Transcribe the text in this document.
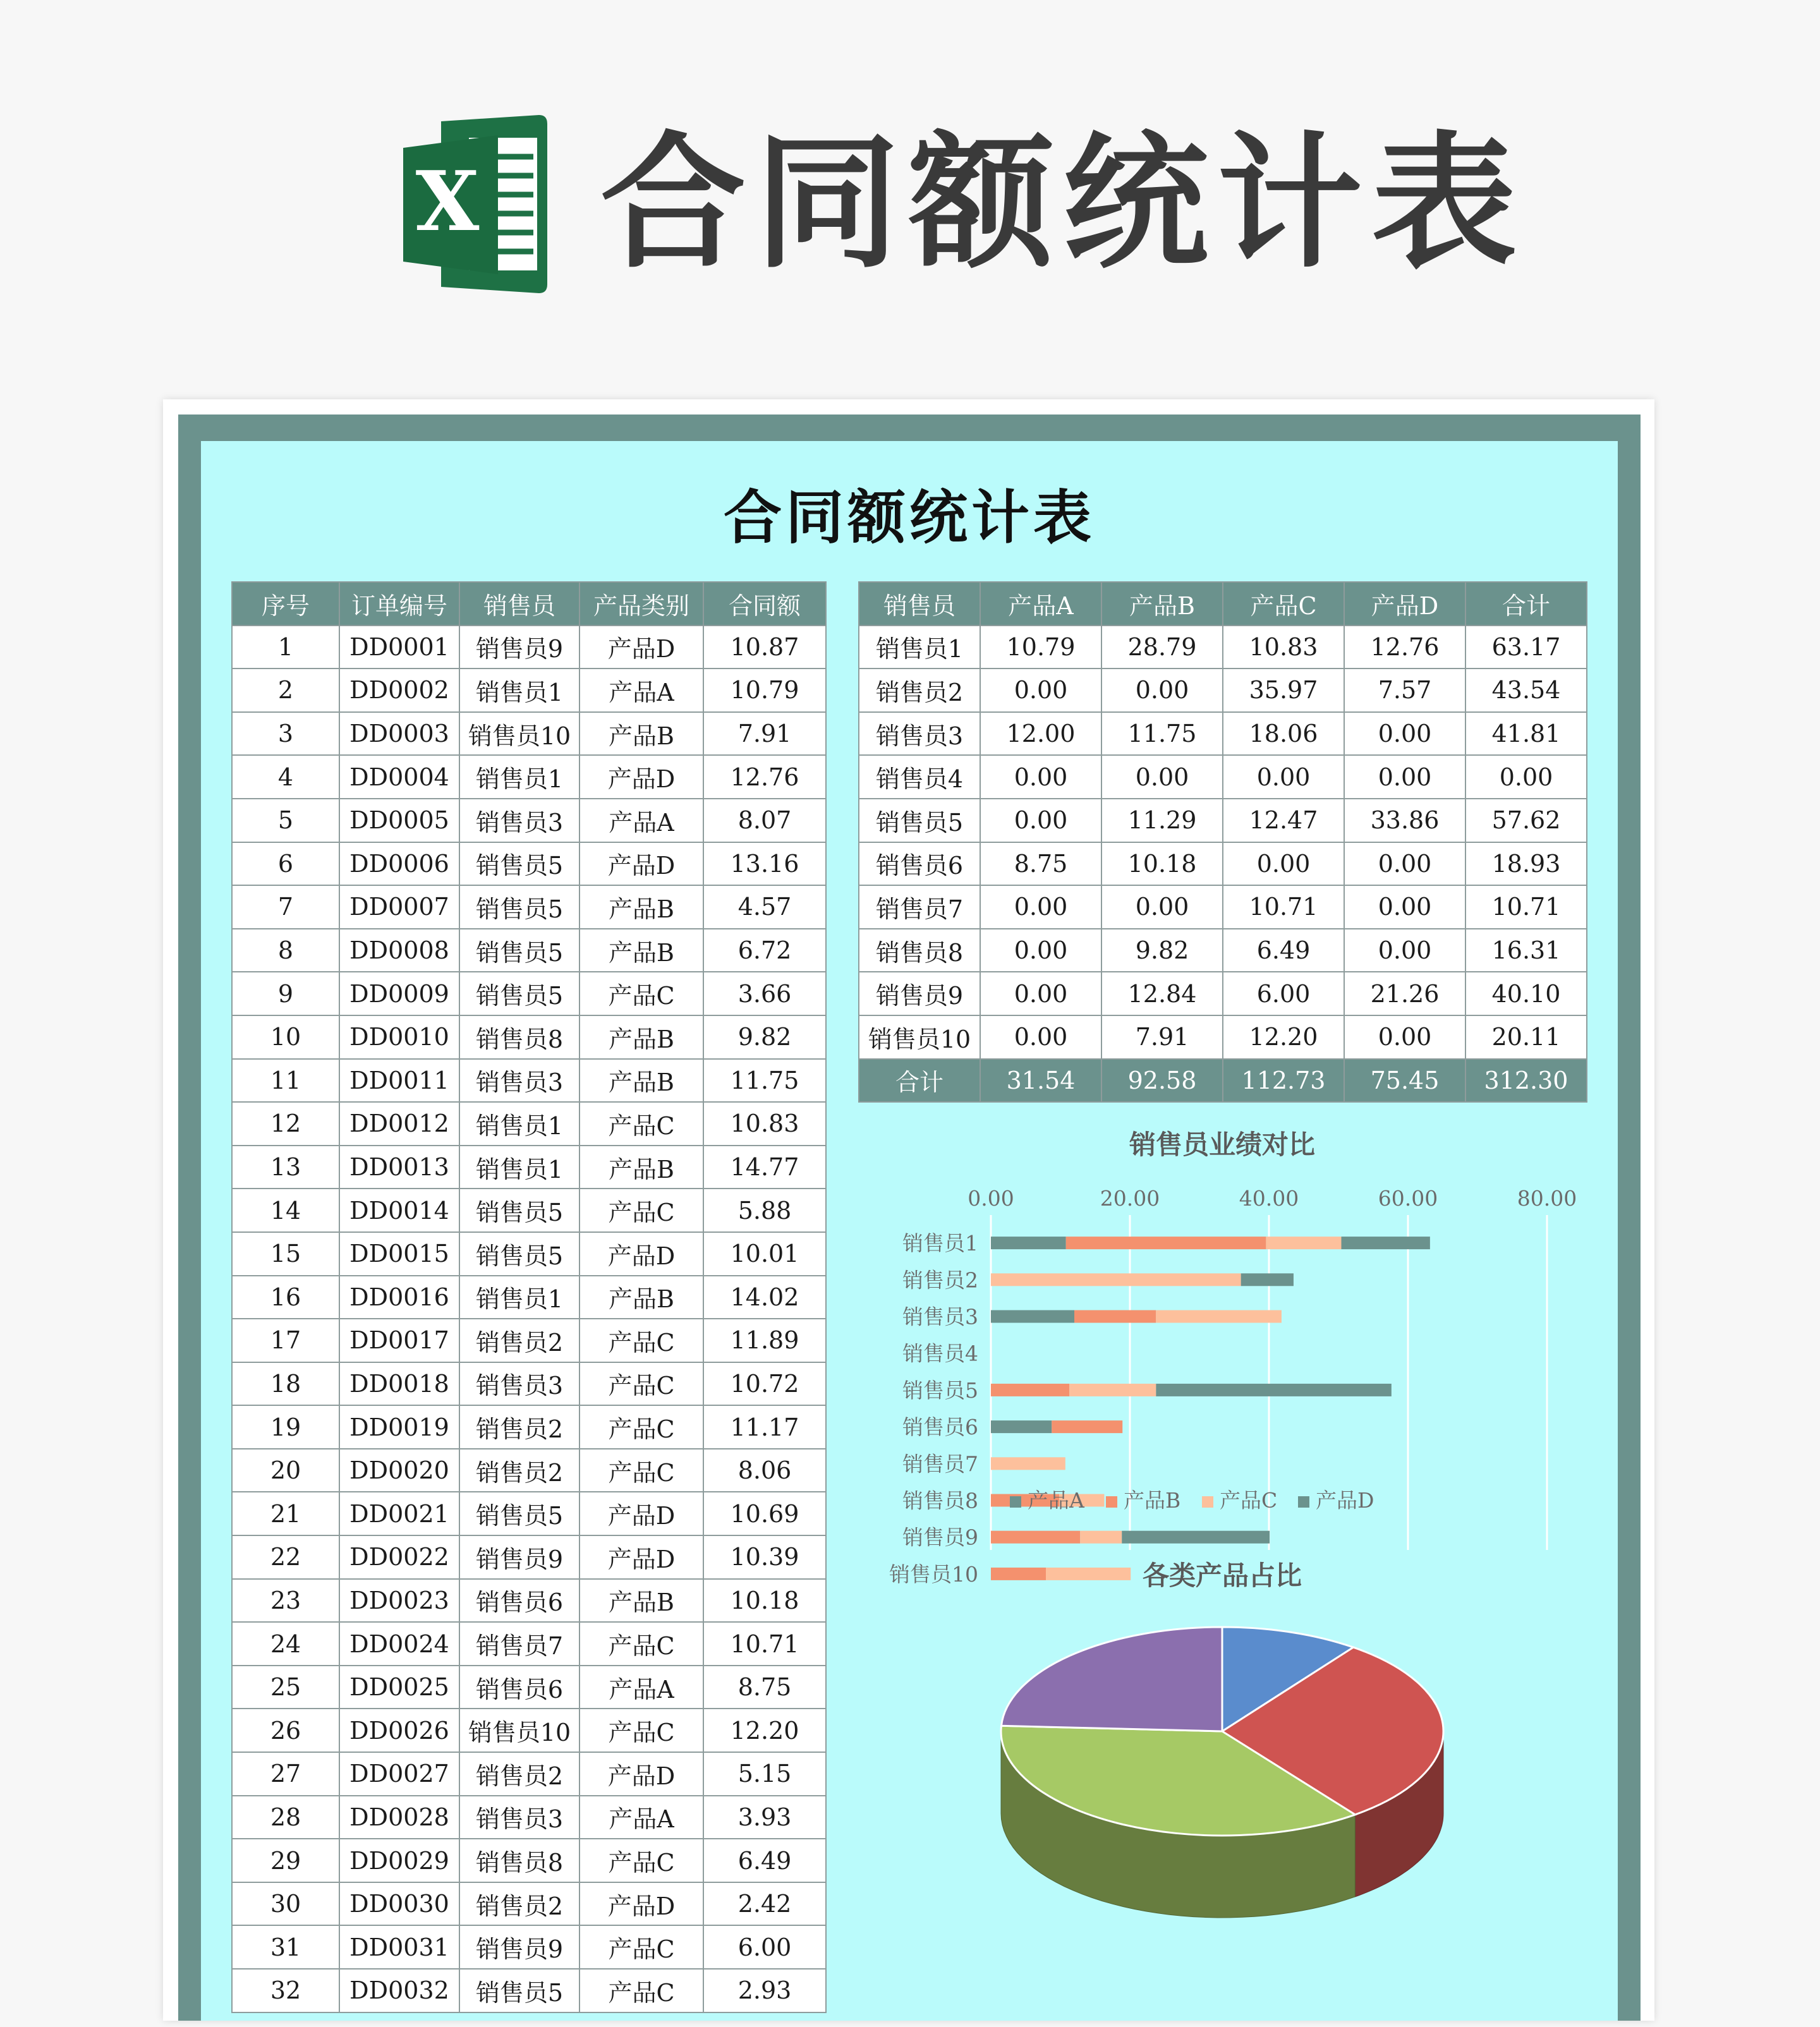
X 合同额统计表
合同额统计表
序号	订单编号	销售员	产品类别	合同额
1	DD0001	销售员9	产品D	10.87
2	DD0002	销售员1	产品A	10.79
3	DD0003	销售员10	产品B	7.91
4	DD0004	销售员1	产品D	12.76
5	DD0005	销售员3	产品A	8.07
6	DD0006	销售员5	产品D	13.16
7	DD0007	销售员5	产品B	4.57
8	DD0008	销售员5	产品B	6.72
9	DD0009	销售员5	产品C	3.66
10	DD0010	销售员8	产品B	9.82
11	DD0011	销售员3	产品B	11.75
12	DD0012	销售员1	产品C	10.83
13	DD0013	销售员1	产品B	14.77
14	DD0014	销售员5	产品C	5.88
15	DD0015	销售员5	产品D	10.01
16	DD0016	销售员1	产品B	14.02
17	DD0017	销售员2	产品C	11.89
18	DD0018	销售员3	产品C	10.72
19	DD0019	销售员2	产品C	11.17
20	DD0020	销售员2	产品C	8.06
21	DD0021	销售员5	产品D	10.69
22	DD0022	销售员9	产品D	10.39
23	DD0023	销售员6	产品B	10.18
24	DD0024	销售员7	产品C	10.71
25	DD0025	销售员6	产品A	8.75
26	DD0026	销售员10	产品C	12.20
27	DD0027	销售员2	产品D	5.15
28	DD0028	销售员3	产品A	3.93
29	DD0029	销售员8	产品C	6.49
30	DD0030	销售员2	产品D	2.42
31	DD0031	销售员9	产品C	6.00
32	DD0032	销售员5	产品C	2.93
销售员	产品A	产品B	产品C	产品D	合计
销售员1	10.79	28.79	10.83	12.76	63.17
销售员2	0.00	0.00	35.97	7.57	43.54
销售员3	12.00	11.75	18.06	0.00	41.81
销售员4	0.00	0.00	0.00	0.00	0.00
销售员5	0.00	11.29	12.47	33.86	57.62
销售员6	8.75	10.18	0.00	0.00	18.93
销售员7	0.00	0.00	10.71	0.00	10.71
销售员8	0.00	9.82	6.49	0.00	16.31
销售员9	0.00	12.84	6.00	21.26	40.10
销售员10	0.00	7.91	12.20	0.00	20.11
合计	31.54	92.58	112.73	75.45	312.30
销售员业绩对比
0.00	20.00	40.00	60.00	80.00
销售员1
销售员2
销售员3
销售员4
销售员5
销售员6
销售员7
销售员8
销售员9
销售员10
产品A 产品B 产品C 产品D
各类产品占比
